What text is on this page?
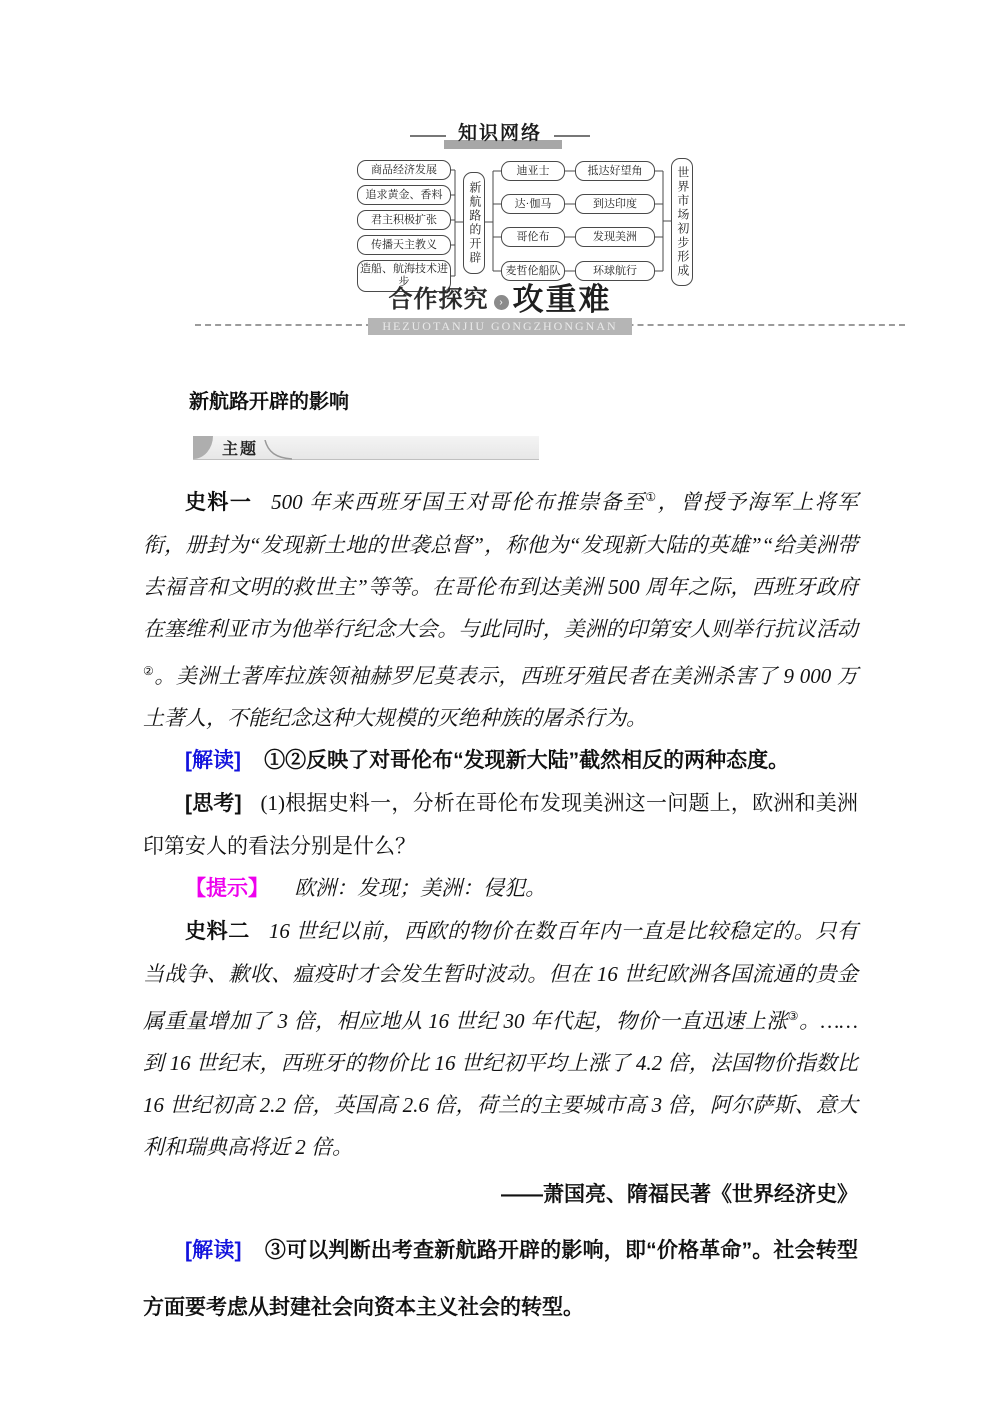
知识网络
商品经济发展
追求黄金、香料
君主积极扩张
传播天主教义
造船、航海技术进步
新航路的开辟
迪亚士
达·伽马
哥伦布
麦哲伦船队
抵达好望角
到达印度
发现美洲
环球航行	世界市场初步形成
合作探究	› 攻重难
HEZUOTANJIU GONGZHONGNAN
新航路开辟的影响
主题

史料一 500 年来西班牙国王对哥伦布推崇备至①，曾授予海军上将军衔，册封为“发现新土地的世袭总督”，称他为“发现新大陆的英雄”“给美洲带去福音和文明的救世主”等等。在哥伦布到达美洲 500 周年之际，西班牙政府在塞维利亚市为他举行纪念大会。与此同时，美洲的印第安人则举行抗议活动②。美洲土著库拉族领袖赫罗尼莫表示，西班牙殖民者在美洲杀害了 9 000 万土著人，不能纪念这种大规模的灭绝种族的屠杀行为。

[解读] ①②反映了对哥伦布“发现新大陆”截然相反的两种态度。

[思考] (1)根据史料一，分析在哥伦布发现美洲这一问题上，欧洲和美洲印第安人的看法分别是什么？

【提示】 欧洲：发现；美洲：侵犯。

史料二 16 世纪以前，西欧的物价在数百年内一直是比较稳定的。只有当战争、歉收、瘟疫时才会发生暂时波动。但在 16 世纪欧洲各国流通的贵金属重量增加了 3 倍，相应地从 16 世纪 30 年代起，物价一直迅速上涨③。……到 16 世纪末，西班牙的物价比 16 世纪初平均上涨了 4.2 倍，法国物价指数比 16 世纪初高 2.2 倍，英国高 2.6 倍，荷兰的主要城市高 3 倍，阿尔萨斯、意大利和瑞典高将近 2 倍。

——萧国亮、隋福民著《世界经济史》

[解读] ③可以判断出考查新航路开辟的影响，即“价格革命”。社会转型方面要考虑从封建社会向资本主义社会的转型。
